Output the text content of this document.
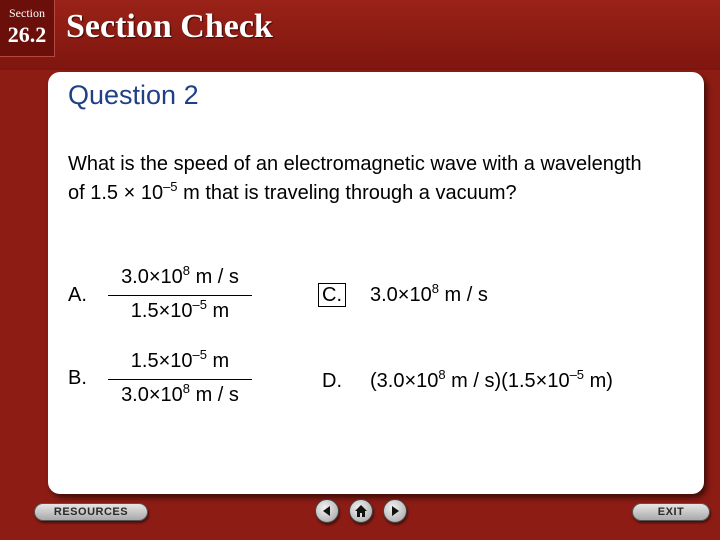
Section
26.2 Section Check
Question 2
What is the speed of an electromagnetic wave with a wavelength of $1.5 \times 10^{-5}$ m that is traveling through a vacuum?
A.
$3.0\times 10^8$ m / s
$1.5\times 10^{-5}$ m
B.
$1.5\times 10^{-5}$ m
$3.0\times 10^8$ m / s
C. $3.0\times 10^8$ m / s
D. ($3.0\times 10^8$ $m / s)(1.5\times 10^{-5}$ m)
RESOURCES	EXIT
